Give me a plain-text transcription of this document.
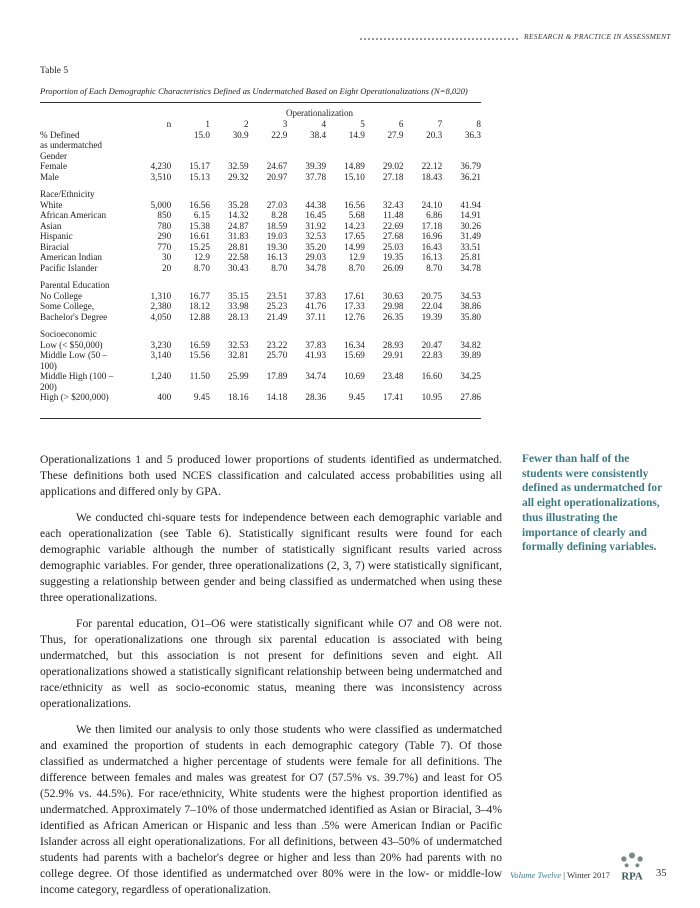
RESEARCH & PRACTICE IN ASSESSMENT
Table 5
Proportion of Each Demographic Characteristics Defined as Undermatched Based on Eight Operationalizations (N=8,020)
Operationalization
	n	1	2	3	4	5	6	7	8
% Defined		15.0	30.9	22.9	38.4	14.9	27.9	20.3	36.3
as undermatched									
Gender									
Female	4,230	15.17	32.59	24.67	39.39	14.89	29.02	22.12	36.79
Male	3,510	15.13	29.32	20.97	37.78	15.10	27.18	18.43	36.21

Race/Ethnicity									
White	5,000	16.56	35.28	27.03	44.38	16.56	32.43	24.10	41.94
African American	850	6.15	14.32	8.28	16.45	5.68	11.48	6.86	14.91
Asian	780	15.38	24.87	18.59	31.92	14.23	22.69	17.18	30.26
Hispanic	290	16.61	31.83	19.03	32.53	17.65	27.68	16.96	31.49
Biracial	770	15.25	28.81	19.30	35.20	14.99	25.03	16.43	33.51
American Indian	30	12.9	22.58	16.13	29.03	12.9	19.35	16.13	25.81
Pacific Islander	20	8.70	30.43	8.70	34.78	8.70	26.09	8.70	34.78

Parental Education									
No College	1,310	16.77	35.15	23.51	37.83	17.61	30.63	20.75	34.53
Some College,	2,380	18.12	33.98	25.23	41.76	17.33	29.98	22.04	38.86
Bachelor's Degree	4,050	12.88	28.13	21.49	37.11	12.76	26.35	19.39	35.80

Socioeconomic									
Low (< $50,000)	3,230	16.59	32.53	23.22	37.83	16.34	28.93	20.47	34.82
Middle Low (50 –	3,140	15.56	32.81	25.70	41.93	15.69	29.91	22.83	39.89
100)									
Middle High (100 –	1,240	11.50	25.99	17.89	34.74	10.69	23.48	16.60	34.25
200)									
High (> $200,000)	400	9.45	18.16	14.18	28.36	9.45	17.41	10.95	27.86

Operationalizations 1 and 5 produced lower proportions of students identified as undermatched. These definitions both used NCES classification and calculated access probabilities using all applications and differed only by GPA.

We conducted chi-square tests for independence between each demographic variable and each operationalization (see Table 6). Statistically significant results were found for each demographic variable although the number of statistically significant results varied across demographic variables. For gender, three operationalizations (2, 3, 7) were statistically significant, suggesting a relationship between gender and being classified as undermatched when using these three operationalizations.

For parental education, O1–O6 were statistically significant while O7 and O8 were not. Thus, for operationalizations one through six parental education is associated with being undermatched, but this association is not present for definitions seven and eight. All operationalizations showed a statistically significant relationship between being undermatched and race/ethnicity as well as socio-economic status, meaning there was inconsistency across operationalizations.

We then limited our analysis to only those students who were classified as undermatched and examined the proportion of students in each demographic category (Table 7). Of those classified as undermatched a higher percentage of students were female for all definitions. The difference between females and males was greatest for O7 (57.5% vs. 39.7%) and least for O5 (52.9% vs. 44.5%). For race/ethnicity, White students were the highest proportion identified as undermatched. Approximately 7–10% of those undermatched identified as Asian or Biracial, 3–4% identified as African American or Hispanic and less than .5% were American Indian or Pacific Islander across all eight operationalizations. For all definitions, between 43–50% of undermatched students had parents with a bachelor's degree or higher and less than 20% had parents with no college degree. Of those identified as undermatched over 80% were in the low- or middle-low income category, regardless of operationalization.

Fewer than half of the students were consistently defined as undermatched for all eight operationalizations, thus illustrating the importance of clearly and formally defining variables.
Volume Twelve | Winter 2017 RPA 35
